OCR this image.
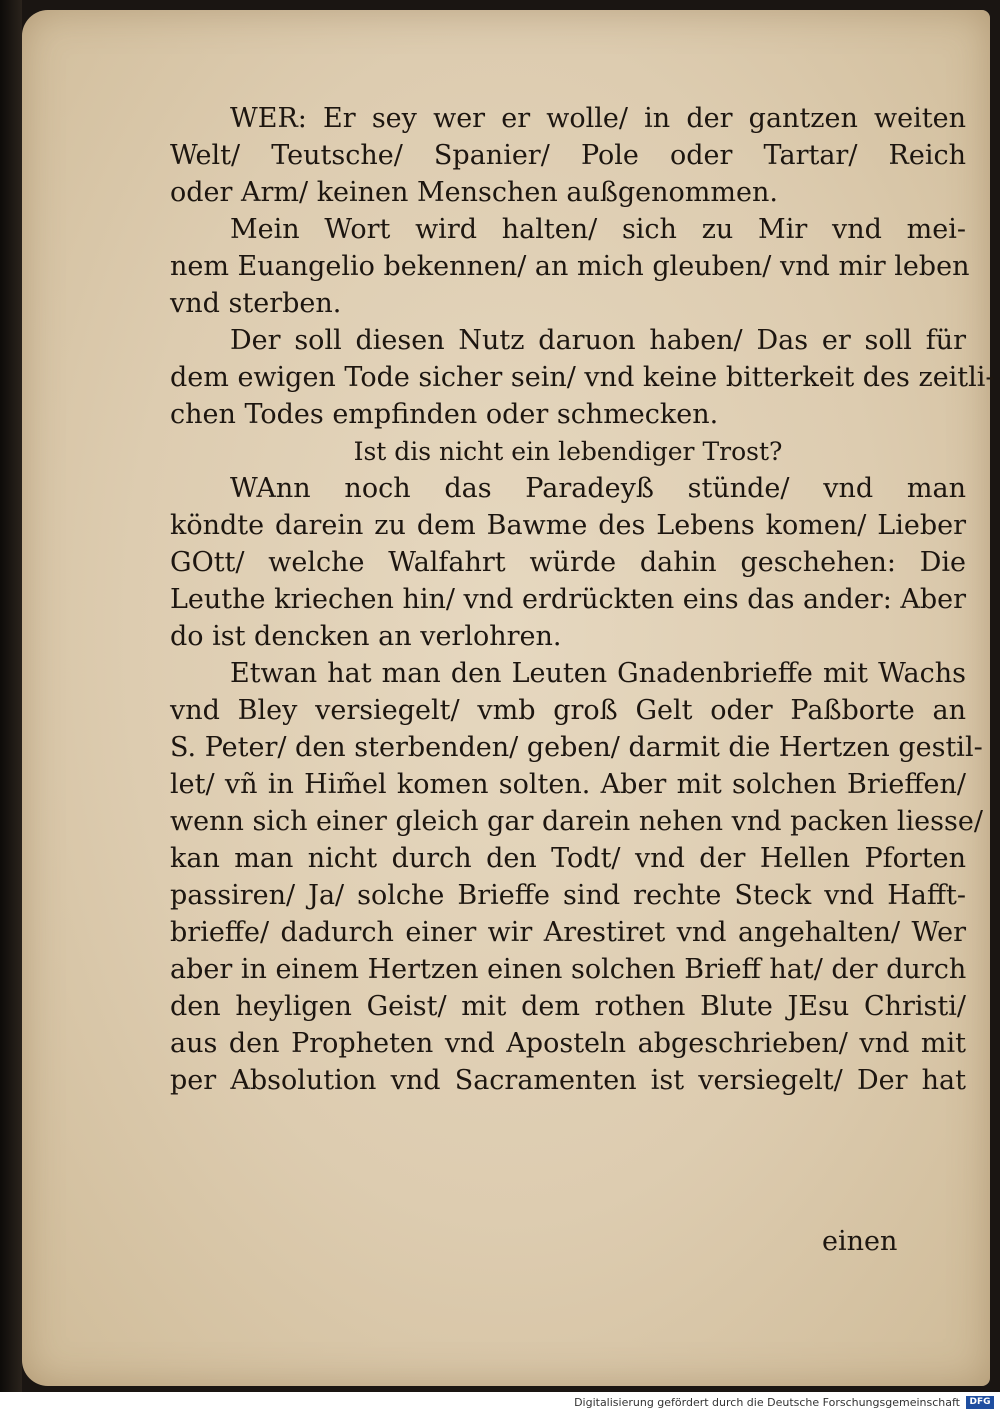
WER: Er sey wer er wolle/ in der gantzen weiten
Welt/ Teutsche/ Spanier/ Pole oder Tartar/ Reich
oder Arm/ keinen Menschen außgenommen.
Mein Wort wird halten/ sich zu Mir vnd mei-
nem Euangelio bekennen/ an mich gleuben/ vnd mir leben
vnd sterben.
Der soll diesen Nutz daruon haben/ Das er soll für
dem ewigen Tode sicher sein/ vnd keine bitterkeit des zeitli-
chen Todes empfinden oder schmecken.
Ist dis nicht ein lebendiger Trost?
WAnn noch das Paradeyß stünde/ vnd man
köndte darein zu dem Bawme des Lebens komen/ Lieber
GOtt/ welche Walfahrt würde dahin geschehen: Die
Leuthe kriechen hin/ vnd erdrückten eins das ander: Aber
do ist dencken an verlohren.
Etwan hat man den Leuten Gnadenbrieffe mit Wachs
vnd Bley versiegelt/ vmb groß Gelt oder Paßborte an
S. Peter/ den sterbenden/ geben/ darmit die Hertzen gestil-
let/ vñ in Him̃el komen solten. Aber mit solchen Brieffen/
wenn sich einer gleich gar darein nehen vnd packen liesse/
kan man nicht durch den Todt/ vnd der Hellen Pforten
passiren/ Ja/ solche Brieffe sind rechte Steck vnd Hafft-
brieffe/ dadurch einer wir Arestiret vnd angehalten/ Wer
aber in einem Hertzen einen solchen Brieff hat/ der durch
den heyligen Geist/ mit dem rothen Blute JEsu Christi/
aus den Propheten vnd Aposteln abgeschrieben/ vnd mit
per Absolution vnd Sacramenten ist versiegelt/ Der hat
einen
Digitalisierung gefördert durch die Deutsche Forschungsgemeinschaft	DFG
